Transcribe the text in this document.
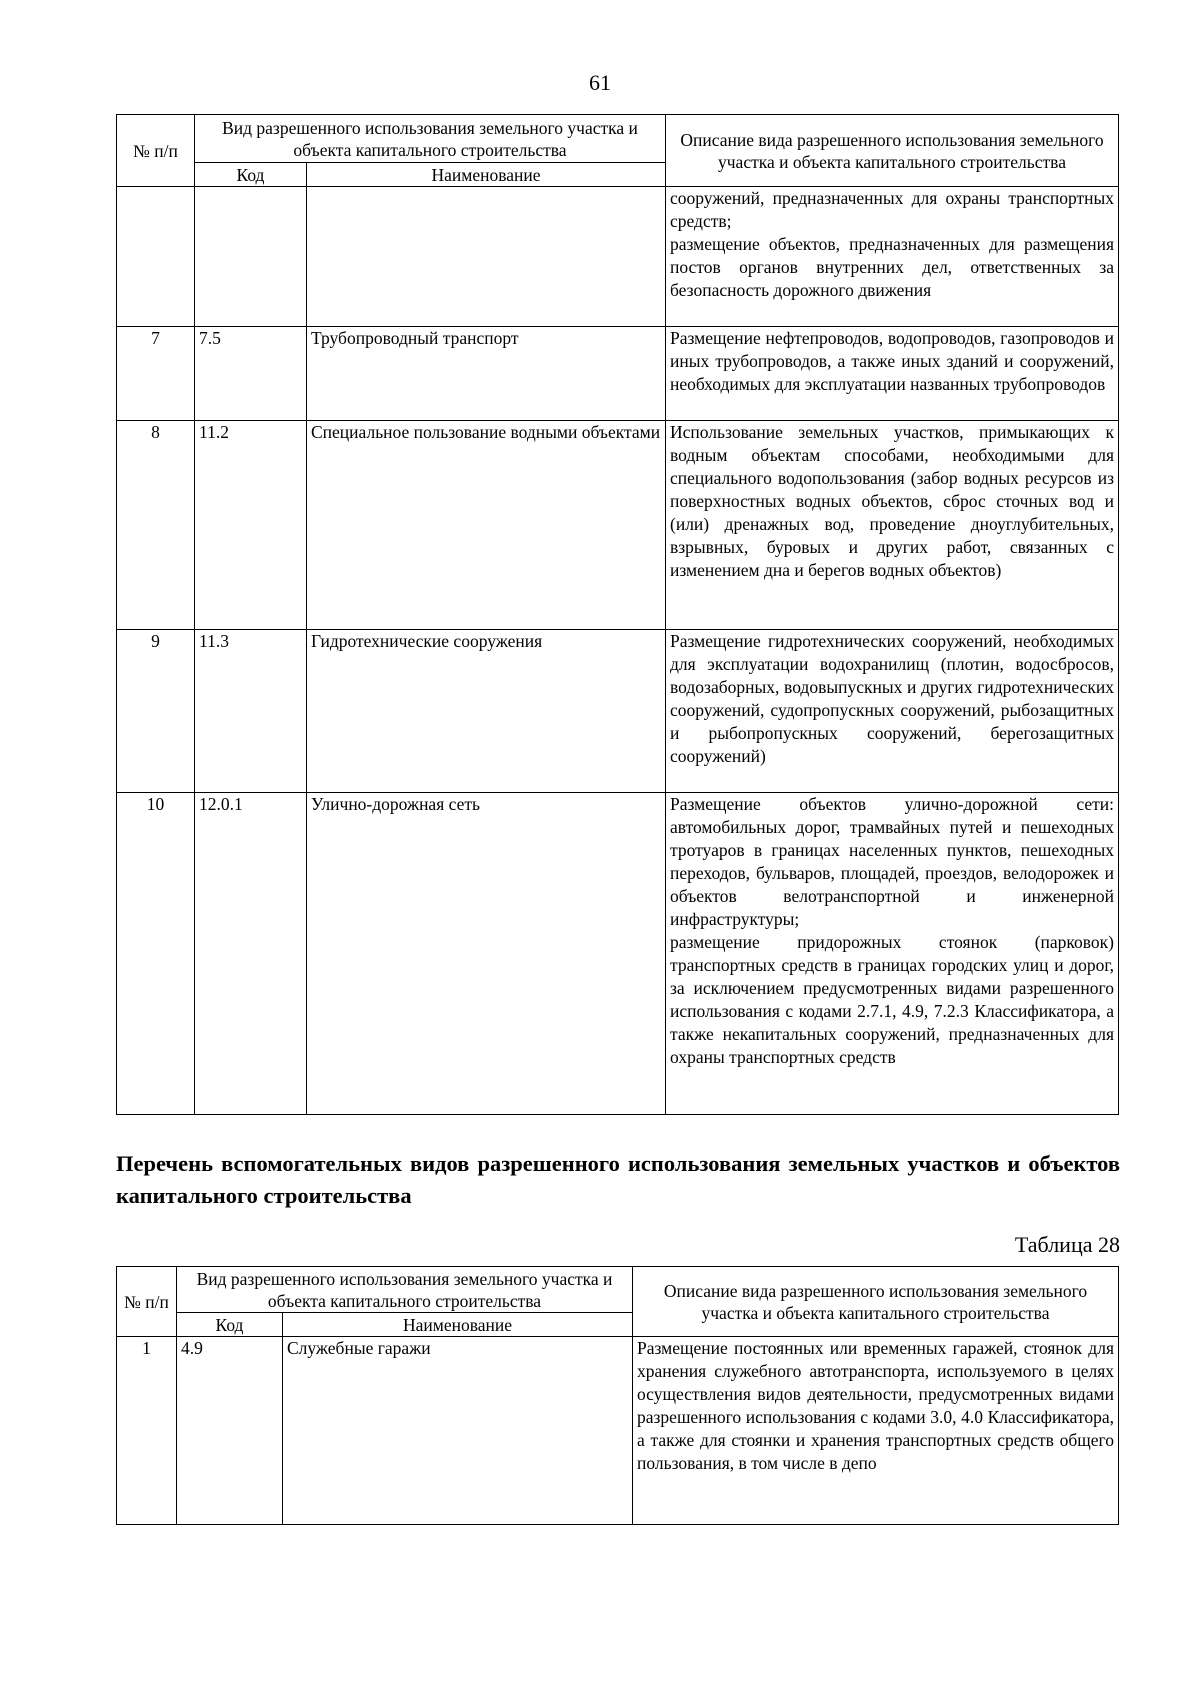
61
№ п/п	Вид разрешенного использования земельного участка и объекта капитального строительства		Описание вида разрешенного использования земельного участка и объекта капитального строительства
	Код	Наименование	

			сооружений, предназначенных для охраны транспортных средств;
размещение объектов, предназначенных для размещения постов органов внутренних дел, ответственных за безопасность дорожного движения

7	7.5	Трубопроводный транспорт	Размещение нефтепроводов, водопроводов, газопроводов и иных трубопроводов, а также иных зданий и сооружений, необходимых для эксплуатации названных трубопроводов

8	11.2	Специальное пользование водными объектами	Использование земельных участков, примыкающих к водным объектам способами, необходимыми для специального водопользования (забор водных ресурсов из поверхностных водных объектов, сброс сточных вод и (или) дренажных вод, проведение дноуглубительных, взрывных, буровых и других работ, связанных с изменением дна и берегов водных объектов)

9	11.3	Гидротехнические сооружения	Размещение гидротехнических сооружений, необходимых для эксплуатации водохранилищ (плотин, водосбросов, водозаборных, водовыпускных и других гидротехнических сооружений, судопропускных сооружений, рыбозащитных и рыбопропускных сооружений, берегозащитных сооружений)

10	12.0.1	Улично-дорожная сеть	Размещение объектов улично-дорожной сети: автомобильных дорог, трамвайных путей и пешеходных тротуаров в границах населенных пунктов, пешеходных переходов, бульваров, площадей, проездов, велодорожек и объектов велотранспортной и инженерной инфраструктуры;
размещение придорожных стоянок (парковок) транспортных средств в границах городских улиц и дорог, за исключением предусмотренных видами разрешенного использования с кодами 2.7.1, 4.9, 7.2.3 Классификатора, а также некапитальных сооружений, предназначенных для охраны транспортных средств
Перечень вспомогательных видов разрешенного использования земельных участков и объектов капитального строительства
Таблица 28
№ п/п	Вид разрешенного использования земельного участка и объекта капитального строительства		Описание вида разрешенного использования земельного участка и объекта капитального строительства
	Код	Наименование	
1	4.9	Служебные гаражи	Размещение постоянных или временных гаражей, стоянок для хранения служебного автотранспорта, используемого в целях осуществления видов деятельности, предусмотренных видами разрешенного использования с кодами 3.0, 4.0 Классификатора, а также для стоянки и хранения транспортных средств общего пользования, в том числе в депо
